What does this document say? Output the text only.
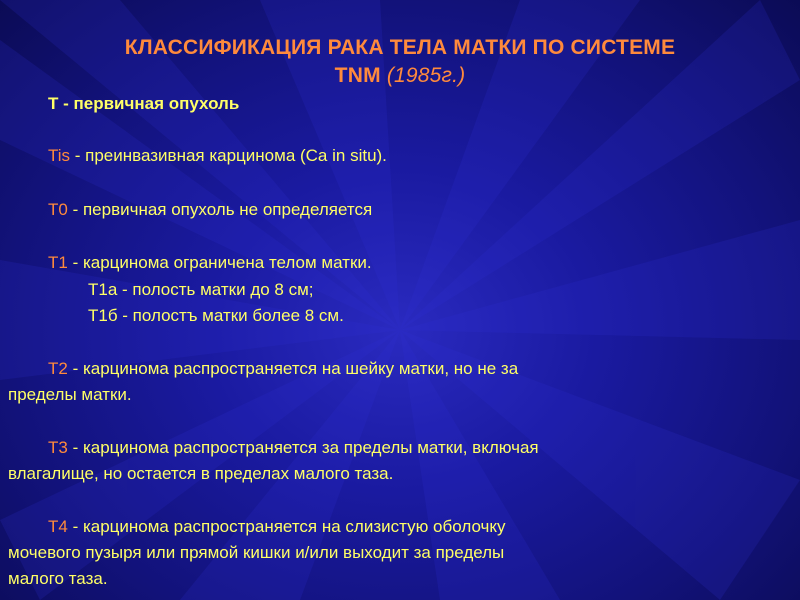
КЛАССИФИКАЦИЯ РАКА ТЕЛА МАТКИ ПО СИСТЕМЕ
TNM (1985г.)
Т - первичная опухоль
Tis - преинвазивная карцинома (Ca in situ).
T0 - первичная опухоль не определяется
T1 - карцинома ограничена телом матки.
T1а - полость матки до 8 см;
T1б - полостъ матки более 8 см.
T2 - карцинома распространяется на шейку матки, но не за
пределы матки.
T3 - карцинома распространяется за пределы матки, включая
влагалище, но остается в пределах малого таза.
T4 - карцинома распространяется на слизистую оболочку
мочевого пузыря или прямой кишки и/или выходит за пределы
малого таза.
